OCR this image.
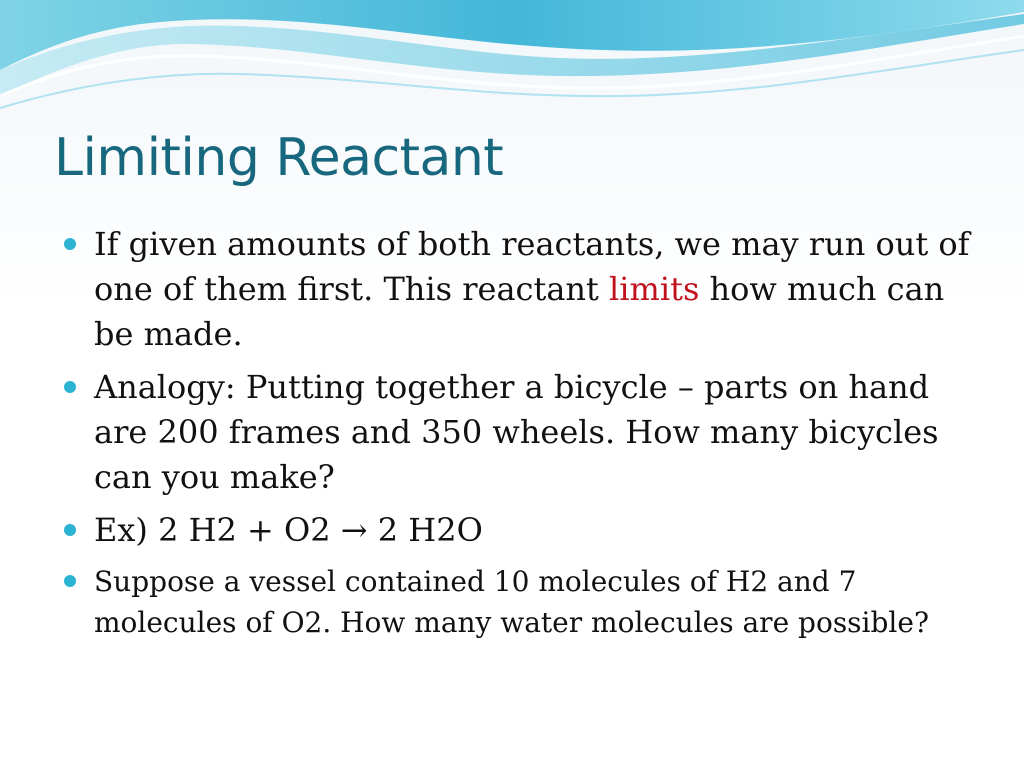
Limiting Reactant
If given amounts of both reactants, we may run out of one of them first. This reactant limits how much can be made.
Analogy: Putting together a bicycle – parts on hand are 200 frames and 350 wheels. How many bicycles can you make?
Ex) 2 H2 + O2 → 2 H2O
Suppose a vessel contained 10 molecules of H2 and 7 molecules of O2. How many water molecules are possible?
